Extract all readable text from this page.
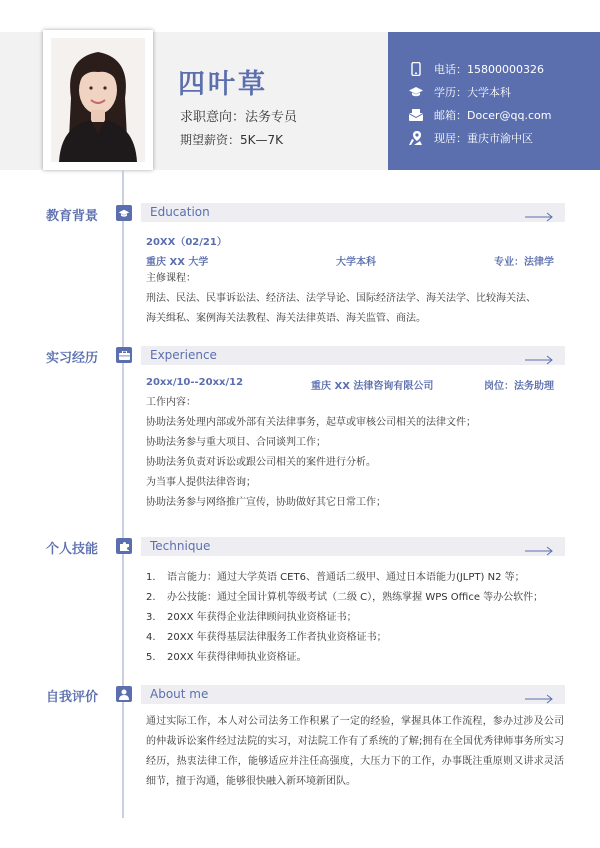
四叶草
求职意向：法务专员
期望薪资：5K—7K
电话：15800000326
学历：大学本科
邮箱：Docer@qq.com
现居：重庆市渝中区
教育背景	Education
20XX（02/21）
重庆 XX 大学	大学本科	专业：法律学
主修课程：
刑法、民法、民事诉讼法、经济法、法学导论、国际经济法学、海关法学、比较海关法、
海关缉私、案例海关法教程、海关法律英语、海关监管、商法。
实习经历	Experience
20xx/10--20xx/12	重庆 XX 法律咨询有限公司	岗位：法务助理
工作内容：
协助法务处理内部或外部有关法律事务，起草或审核公司相关的法律文件；
协助法务参与重大项目、合同谈判工作；
协助法务负责对诉讼或跟公司相关的案件进行分析。
为当事人提供法律咨询；
协助法务参与网络推广宣传，协助做好其它日常工作；
个人技能	Technique
1. 语言能力：通过大学英语 CET6、普通话二级甲、通过日本语能力(JLPT) N2 等；
2. 办公技能：通过全国计算机等级考试（二级 C），熟练掌握 WPS Office 等办公软件；
3. 20XX 年获得企业法律顾问执业资格证书；
4. 20XX 年获得基层法律服务工作者执业资格证书；
5. 20XX 年获得律师执业资格证。
自我评价	About me
通过实际工作，本人对公司法务工作积累了一定的经验，掌握具体工作流程，参办过涉及公司的仲裁诉讼案件经过法院的实习，对法院工作有了系统的了解;拥有在全国优秀律师事务所实习经历，热衷法律工作，能够适应并注任高强度，大压力下的工作，办事既注重原则又讲求灵活细节，擅于沟通，能够很快融入新环境新团队。
